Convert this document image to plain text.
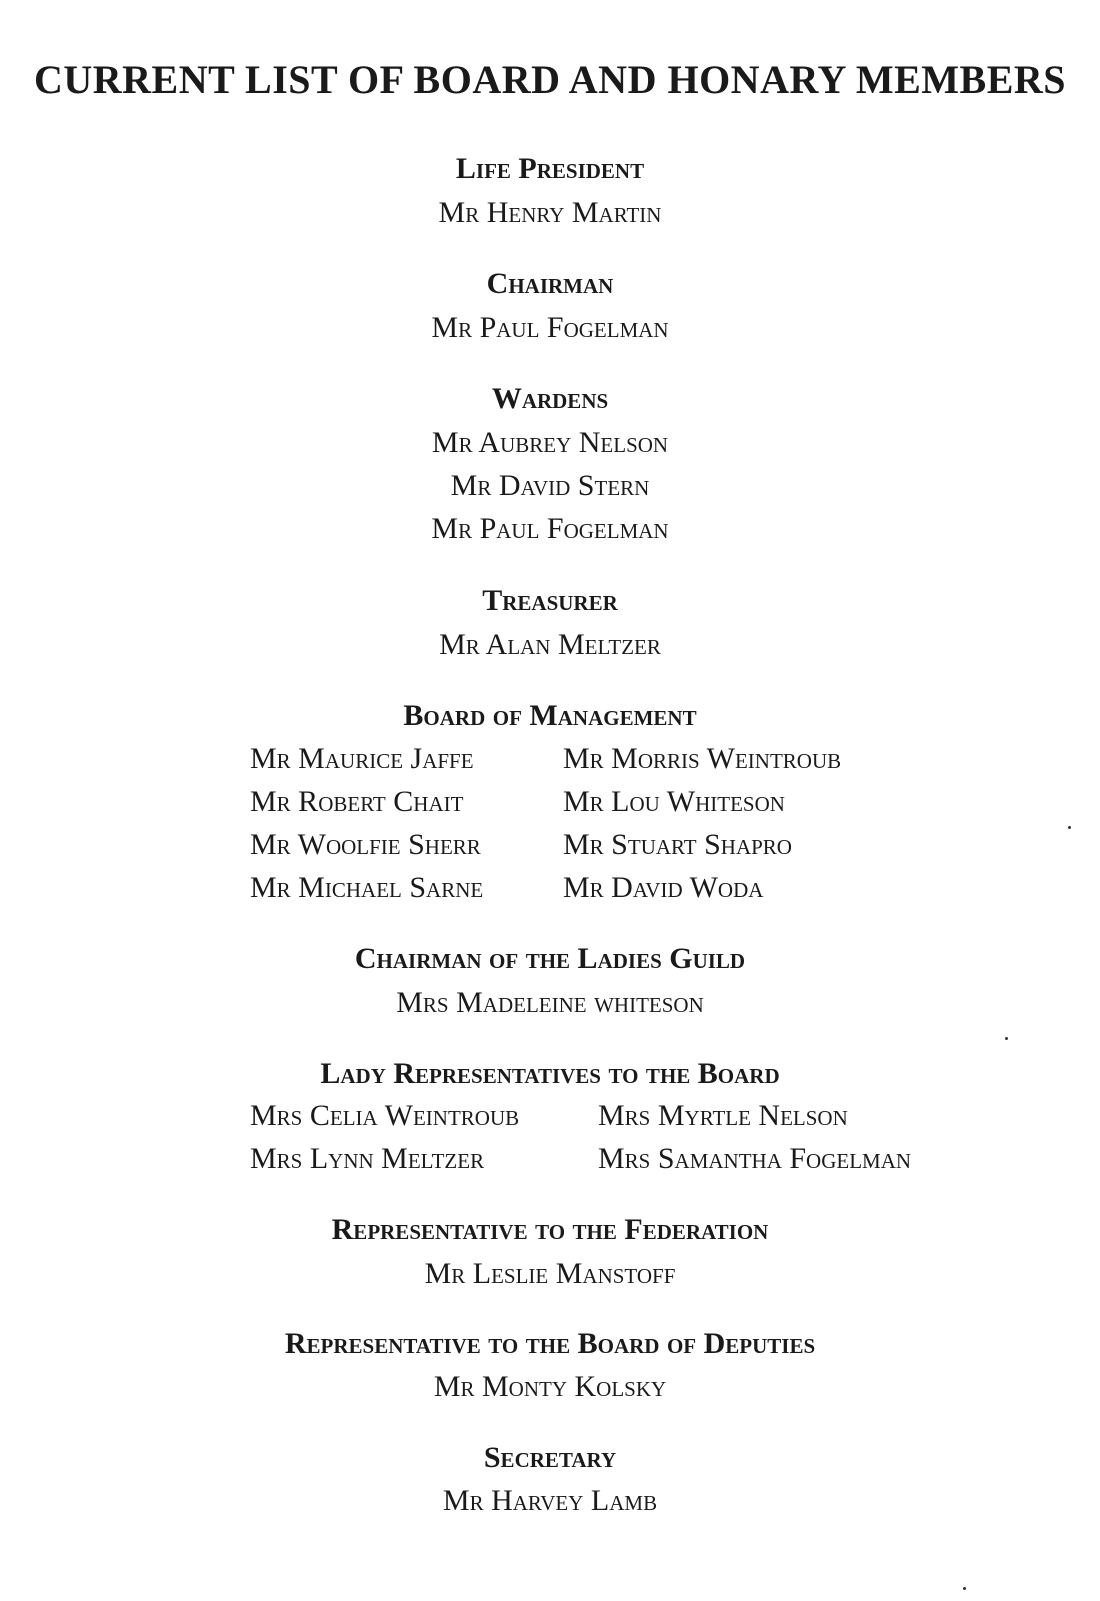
CURRENT LIST OF BOARD AND HONARY MEMBERS
Life President
Mr Henry Martin
Chairman
Mr Paul Fogelman
Wardens
Mr Aubrey Nelson
Mr David Stern
Mr Paul Fogelman
Treasurer
Mr Alan Meltzer
Board of Management
Mr Maurice Jaffe
Mr Robert Chait
Mr Woolfie Sherr
Mr Michael Sarne
Mr Morris Weintroub
Mr Lou Whiteson
Mr Stuart Shapro
Mr David Woda
Chairman of the Ladies Guild
Mrs Madeleine whiteson
Lady Representatives to the Board
Mrs Celia Weintroub
Mrs Lynn Meltzer
Mrs Myrtle Nelson
Mrs Samantha Fogelman
Representative to the Federation
Mr Leslie Manstoff
Representative to the Board of Deputies
Mr Monty Kolsky
Secretary
Mr Harvey Lamb
